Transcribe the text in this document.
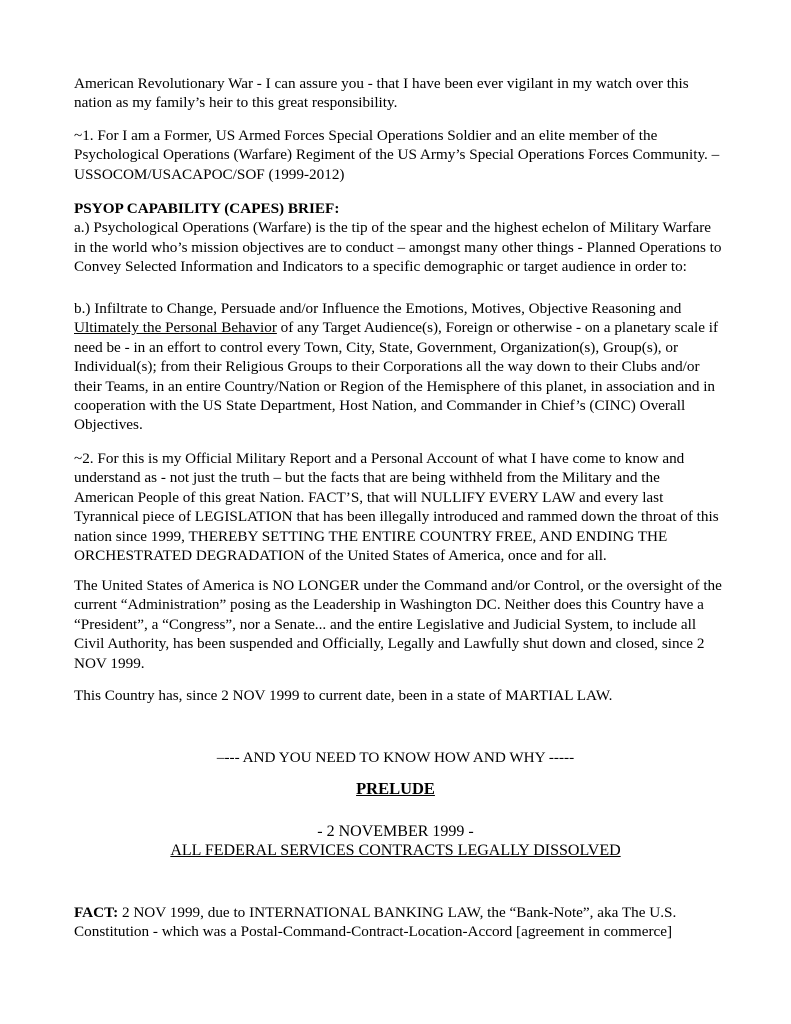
American Revolutionary War - I can assure you - that I have been ever vigilant in my watch over this nation as my family’s heir to this great responsibility.

~1. For I am a Former, US Armed Forces Special Operations Soldier and an elite member of the Psychological Operations (Warfare) Regiment of the US Army’s Special Operations Forces Community. – USSOCOM/USACAPOC/SOF (1999-2012)

PSYOP CAPABILITY (CAPES) BRIEF:
a.) Psychological Operations (Warfare) is the tip of the spear and the highest echelon of Military Warfare in the world who’s mission objectives are to conduct – amongst many other things - Planned Operations to Convey Selected Information and Indicators to a specific demographic or target audience in order to:

b.) Infiltrate to Change, Persuade and/or Influence the Emotions, Motives, Objective Reasoning and Ultimately the Personal Behavior of any Target Audience(s), Foreign or otherwise - on a planetary scale if need be - in an effort to control every Town, City, State, Government, Organization(s), Group(s), or Individual(s); from their Religious Groups to their Corporations all the way down to their Clubs and/or their Teams, in an entire Country/Nation or Region of the Hemisphere of this planet, in association and in cooperation with the US State Department, Host Nation, and Commander in Chief’s (CINC) Overall Objectives.

~2. For this is my Official Military Report and a Personal Account of what I have come to know and understand as - not just the truth – but the facts that are being withheld from the Military and the American People of this great Nation. FACT’S, that will NULLIFY EVERY LAW and every last Tyrannical piece of LEGISLATION that has been illegally introduced and rammed down the throat of this nation since 1999, THEREBY SETTING THE ENTIRE COUNTRY FREE, AND ENDING THE ORCHESTRATED DEGRADATION of the United States of America, once and for all.

The United States of America is NO LONGER under the Command and/or Control, or the oversight of the current “Administration” posing as the Leadership in Washington DC. Neither does this Country have a “President”, a “Congress”, nor a Senate... and the entire Legislative and Judicial System, to include all Civil Authority, has been suspended and Officially, Legally and Lawfully shut down and closed, since 2 NOV 1999.

This Country has, since 2 NOV 1999 to current date, been in a state of MARTIAL LAW.

–--- AND YOU NEED TO KNOW HOW AND WHY -----

PRELUDE

- 2 NOVEMBER 1999 -

ALL FEDERAL SERVICES CONTRACTS LEGALLY DISSOLVED

FACT: 2 NOV 1999, due to INTERNATIONAL BANKING LAW, the “Bank-Note”, aka The U.S. Constitution - which was a Postal-Command-Contract-Location-Accord [agreement in commerce]
